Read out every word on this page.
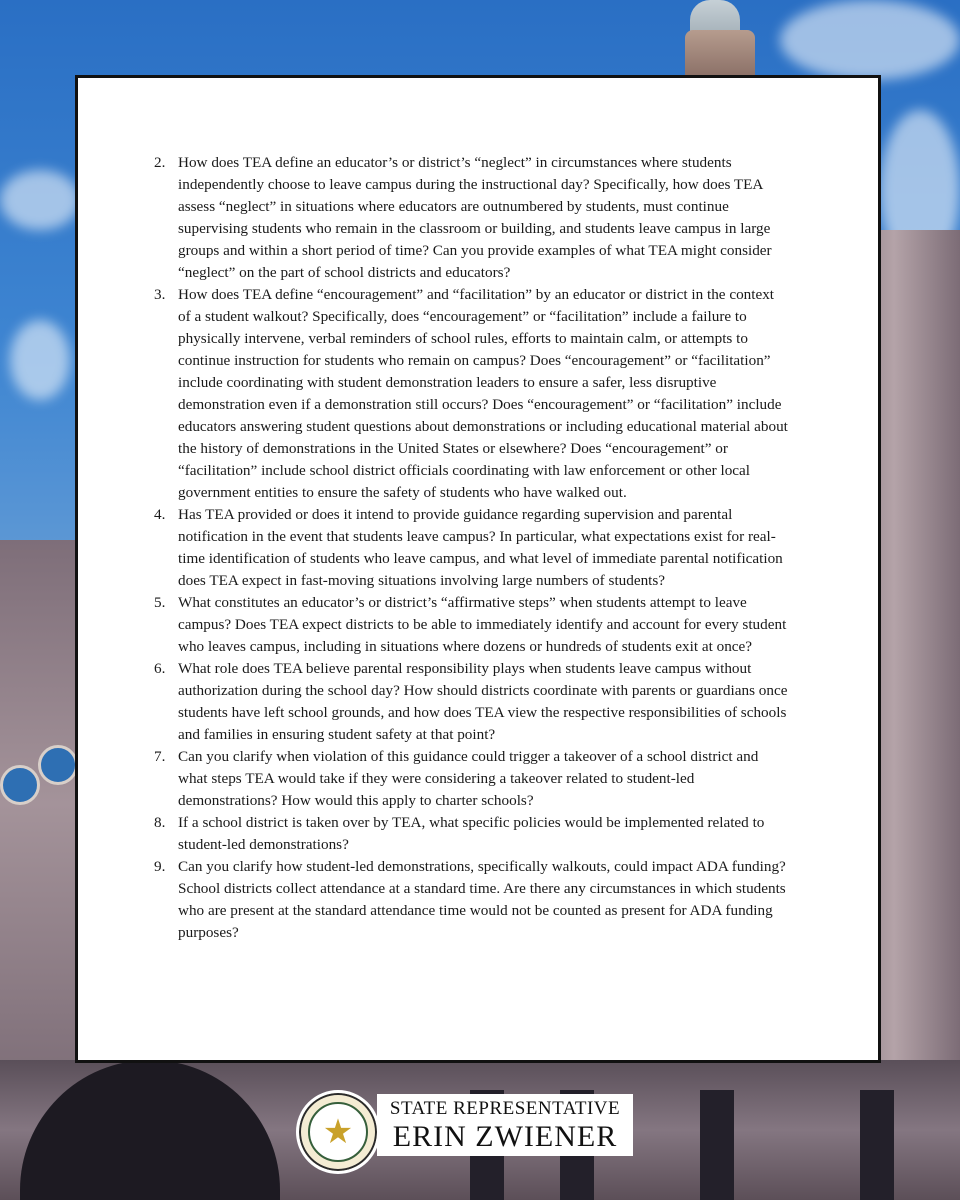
2. How does TEA define an educator’s or district’s “neglect” in circumstances where students independently choose to leave campus during the instructional day? Specifically, how does TEA assess “neglect” in situations where educators are outnumbered by students, must continue supervising students who remain in the classroom or building, and students leave campus in large groups and within a short period of time? Can you provide examples of what TEA might consider “neglect” on the part of school districts and educators?
3. How does TEA define “encouragement” and “facilitation” by an educator or district in the context of a student walkout? Specifically, does “encouragement” or “facilitation” include a failure to physically intervene, verbal reminders of school rules, efforts to maintain calm, or attempts to continue instruction for students who remain on campus? Does “encouragement” or “facilitation” include coordinating with student demonstration leaders to ensure a safer, less disruptive demonstration even if a demonstration still occurs? Does “encouragement” or “facilitation” include educators answering student questions about demonstrations or including educational material about the history of demonstrations in the United States or elsewhere? Does “encouragement” or “facilitation” include school district officials coordinating with law enforcement or other local government entities to ensure the safety of students who have walked out.
4. Has TEA provided or does it intend to provide guidance regarding supervision and parental notification in the event that students leave campus? In particular, what expectations exist for real-time identification of students who leave campus, and what level of immediate parental notification does TEA expect in fast-moving situations involving large numbers of students?
5. What constitutes an educator’s or district’s “affirmative steps” when students attempt to leave campus? Does TEA expect districts to be able to immediately identify and account for every student who leaves campus, including in situations where dozens or hundreds of students exit at once?
6. What role does TEA believe parental responsibility plays when students leave campus without authorization during the school day? How should districts coordinate with parents or guardians once students have left school grounds, and how does TEA view the respective responsibilities of schools and families in ensuring student safety at that point?
7. Can you clarify when violation of this guidance could trigger a takeover of a school district and what steps TEA would take if they were considering a takeover related to student-led demonstrations? How would this apply to charter schools?
8. If a school district is taken over by TEA, what specific policies would be implemented related to student-led demonstrations?
9. Can you clarify how student-led demonstrations, specifically walkouts, could impact ADA funding? School districts collect attendance at a standard time. Are there any circumstances in which students who are present at the standard attendance time would not be counted as present for ADA funding purposes?
★
STATE REPRESENTATIVE
ERIN ZWIENER
